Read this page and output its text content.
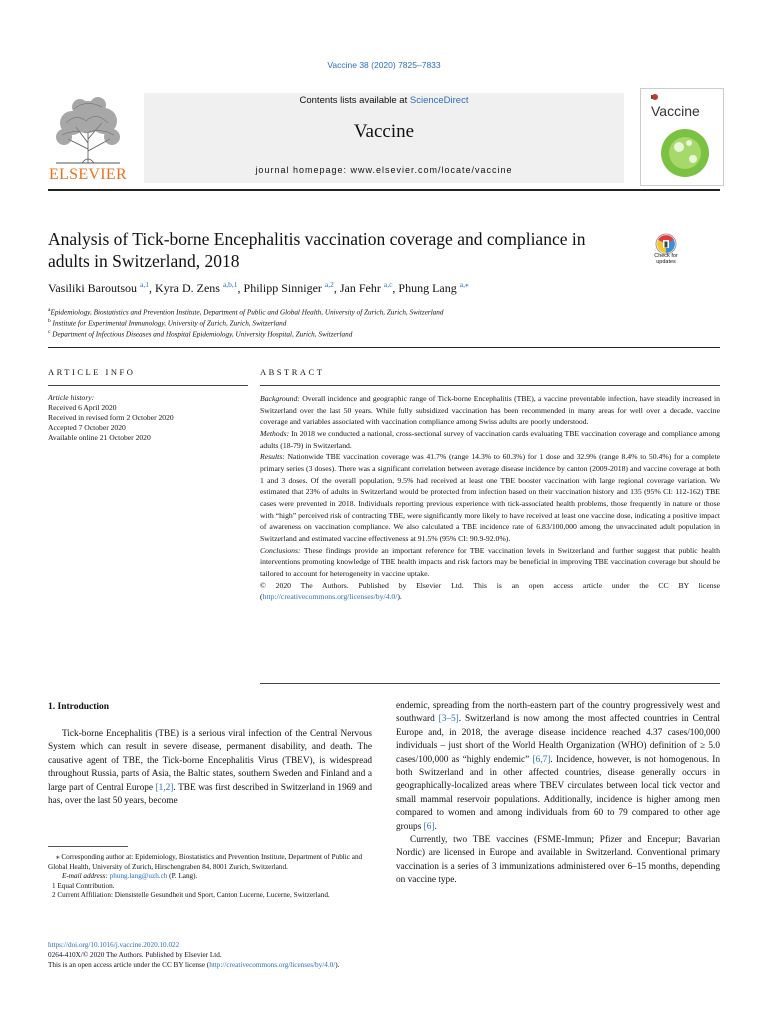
Vaccine 38 (2020) 7825–7833
ELSEVIER
Contents lists available at ScienceDirect
Vaccine
journal homepage: www.elsevier.com/locate/vaccine
Vaccine
Analysis of Tick-borne Encephalitis vaccination coverage and compliance in adults in Switzerland, 2018	Check for updates
Vasiliki Baroutsou $^{a,1}$, Kyra D. Zens $^{a,b,1}$, Philipp Sinniger $^{a,2}$, Jan Fehr $^{a,c}$, Phung Lang $^{a,⁎}$
$^a$Epidemiology, Biostatistics and Prevention Institute, Department of Public and Global Health, University of Zurich, Zurich, Switzerland
$^b$ Institute for Experimental Immunology, University of Zurich, Zurich, Switzerland
$^c$ Department of Infectious Diseases and Hospital Epidemiology, University Hospital, Zurich, Switzerland
ARTICLE INFO
Article history:
Received 6 April 2020
Received in revised form 2 October 2020
Accepted 7 October 2020
Available online 21 October 2020
ABSTRACT
Background: Overall incidence and geographic range of Tick-borne Encephalitis (TBE), a vaccine preventable infection, have steadily increased in Switzerland over the last 50 years. While fully subsidized vaccination has been recommended in many areas for well over a decade, vaccine coverage and variables associated with vaccination compliance among Swiss adults are poorly understood.
Methods: In 2018 we conducted a national, cross-sectional survey of vaccination cards evaluating TBE vaccination coverage and compliance among adults (18-79) in Switzerland.
Results: Nationwide TBE vaccination coverage was 41.7% (range 14.3% to 60.3%) for 1 dose and 32.9% (range 8.4% to 50.4%) for a complete primary series (3 doses). There was a significant correlation between average disease incidence by canton (2009-2018) and vaccine coverage at both 1 and 3 doses. Of the overall population, 9.5% had received at least one TBE booster vaccination with large regional coverage variation. We estimated that 23% of adults in Switzerland would be protected from infection based on their vaccination history and 135 (95% CI: 112-162) TBE cases were prevented in 2018. Individuals reporting previous experience with tick-associated health problems, those frequently in nature or those with “high” perceived risk of contracting TBE, were significantly more likely to have received at least one vaccine dose, indicating a positive impact of awareness on vaccination compliance. We also calculated a TBE incidence rate of 6.83/100,000 among the unvaccinated adult population in Switzerland and estimated vaccine effectiveness at 91.5% (95% CI: 90.9-92.0%).
Conclusions: These findings provide an important reference for TBE vaccination levels in Switzerland and further suggest that public health interventions promoting knowledge of TBE health impacts and risk factors may be beneficial in improving TBE vaccination coverage but should be tailored to account for heterogeneity in vaccine uptake.
© 2020 The Authors. Published by Elsevier Ltd. This is an open access article under the CC BY license (http://creativecommons.org/licenses/by/4.0/).
1. Introduction

Tick-borne Encephalitis (TBE) is a serious viral infection of the Central Nervous System which can result in severe disease, permanent disability, and death. The causative agent of TBE, the Tick-borne Encephalitis Virus (TBEV), is widespread throughout Russia, parts of Asia, the Baltic states, southern Sweden and Finland and a large part of Central Europe [1,2]. TBE was first described in Switzerland in 1969 and has, over the last 50 years, become

endemic, spreading from the north-eastern part of the country progressively west and southward [3–5]. Switzerland is now among the most affected countries in Central Europe and, in 2018, the average disease incidence reached 4.37 cases/100,000 individuals – just short of the World Health Organization (WHO) definition of ≥ 5.0 cases/100,000 as “highly endemic” [6,7]. Incidence, however, is not homogenous. In both Switzerland and in other affected countries, disease generally occurs in geographically-localized areas where TBEV circulates between local tick vector and small mammal reservoir populations. Additionally, incidence is higher among men compared to women and among individuals from 60 to 79 compared to other age groups [6].

Currently, two TBE vaccines (FSME-Immun; Pfizer and Encepur; Bavarian Nordic) are licensed in Europe and available in Switzerland. Conventional primary vaccination is a series of 3 immunizations administered over 6–15 months, depending on vaccine type.

⁎ Corresponding author at: Epidemiology, Biostatistics and Prevention Institute, Department of Public and Global Health, University of Zurich, Hirschengraben 84, 8001 Zurich, Switzerland.

E-mail address: phung.lang@uzh.ch (P. Lang).

1 Equal Contribution.

2 Current Affiliation: Dienststelle Gesundheit und Sport, Canton Lucerne, Lucerne, Switzerland.

https://doi.org/10.1016/j.vaccine.2020.10.022
0264-410X/© 2020 The Authors. Published by Elsevier Ltd.
This is an open access article under the CC BY license (http://creativecommons.org/licenses/by/4.0/).
